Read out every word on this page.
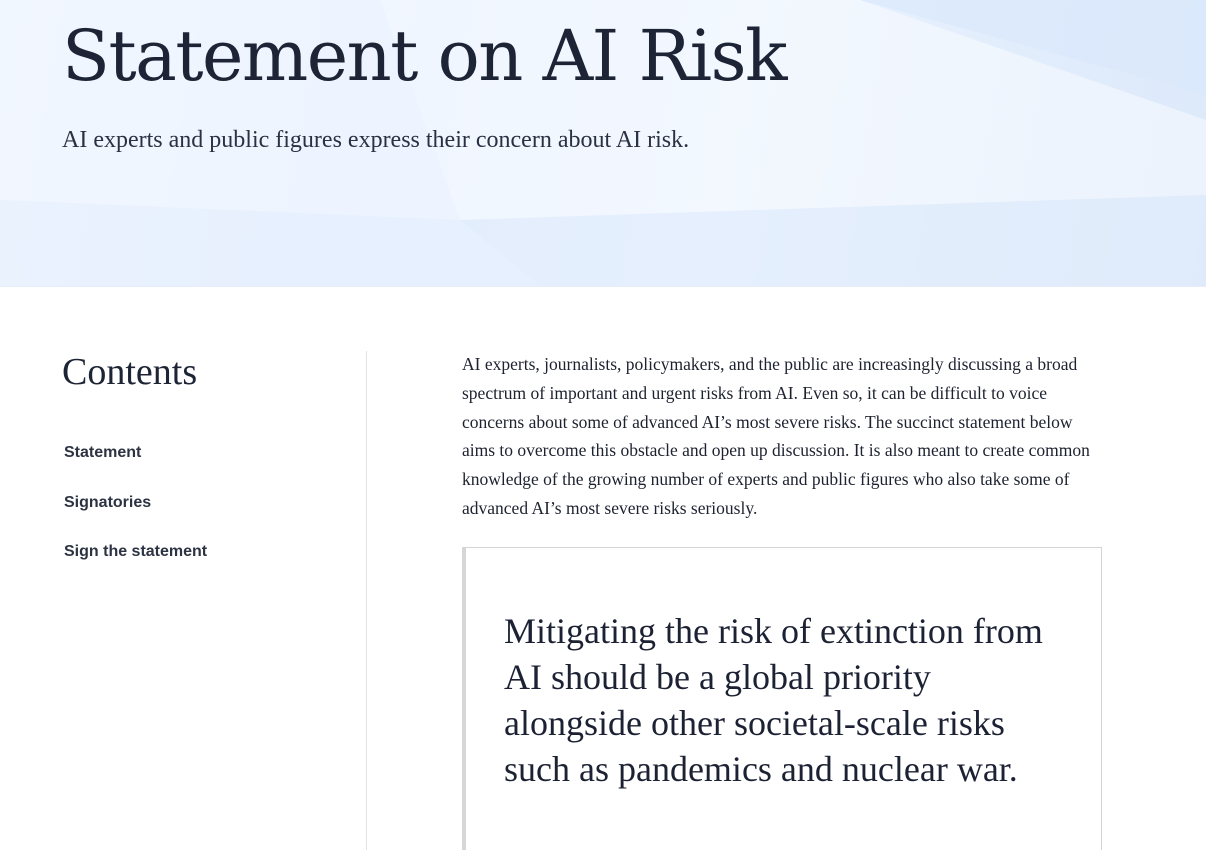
Statement on AI Risk

AI experts and public figures express their concern about AI risk.

Contents
Statement
Signatories
Sign the statement

AI experts, journalists, policymakers, and the public are increasingly discussing a broad spectrum of important and urgent risks from AI. Even so, it can be difficult to voice concerns about some of advanced AI’s most severe risks. The succinct statement below aims to overcome this obstacle and open up discussion. It is also meant to create common knowledge of the growing number of experts and public figures who also take some of advanced AI’s most severe risks seriously.

Mitigating the risk of extinction from AI should be a global priority alongside other societal-scale risks such as pandemics and nuclear war.
